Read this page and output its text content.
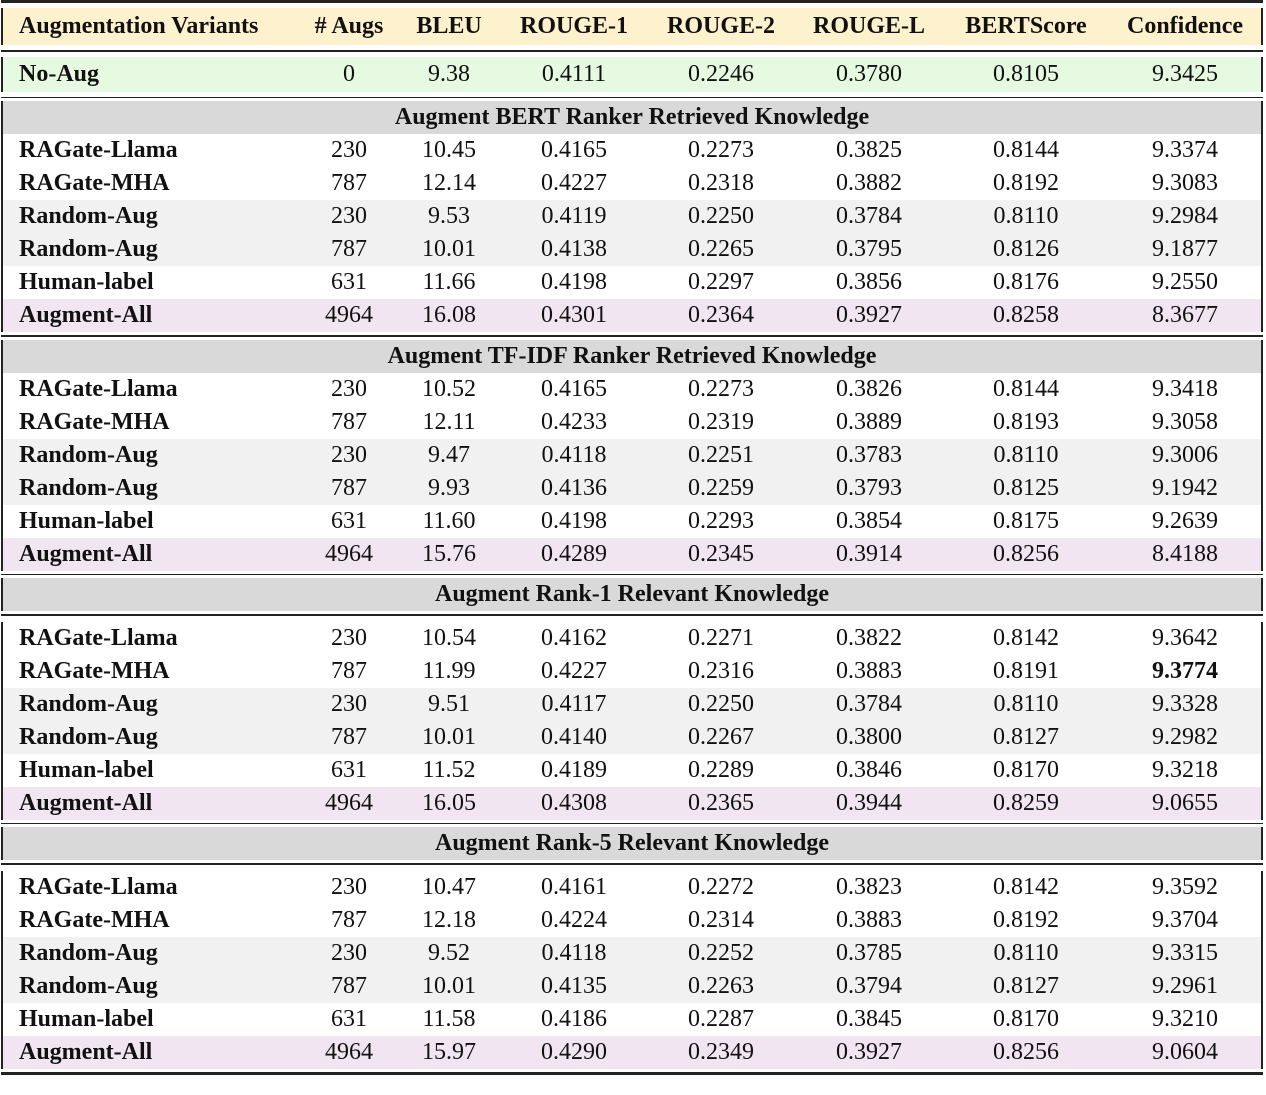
Augmentation Variants # Augs BLEU ROUGE-1 ROUGE-2 ROUGE-L BERTScore Confidence
No-Aug	0	9.38	0.4111	0.2246	0.3780	0.8105	9.3425
Augment BERT Ranker Retrieved Knowledge
RAGate-Llama	230 10.45	0.4165	0.2273	0.3825	0.8144	9.3374
RAGate-MHA	787 12.14	0.4227	0.2318	0.3882	0.8192	9.3083
Random-Aug	230	9.53	0.4119	0.2250	0.3784	0.8110	9.2984
Random-Aug	787 10.01	0.4138	0.2265	0.3795	0.8126	9.1877
Human-label	631 11.66	0.4198	0.2297	0.3856	0.8176	9.2550
Augment-All	4964 16.08	0.4301	0.2364	0.3927	0.8258	8.3677
Augment TF-IDF Ranker Retrieved Knowledge
RAGate-Llama	230 10.52	0.4165	0.2273	0.3826	0.8144	9.3418
RAGate-MHA	787 12.11	0.4233	0.2319	0.3889	0.8193	9.3058
Random-Aug	230	9.47	0.4118	0.2251	0.3783	0.8110	9.3006
Random-Aug	787	9.93	0.4136	0.2259	0.3793	0.8125	9.1942
Human-label	631 11.60	0.4198	0.2293	0.3854	0.8175	9.2639
Augment-All	4964 15.76	0.4289	0.2345	0.3914	0.8256	8.4188
Augment Rank-1 Relevant Knowledge
RAGate-Llama	230 10.54	0.4162	0.2271	0.3822	0.8142	9.3642
RAGate-MHA	787 11.99	0.4227	0.2316	0.3883	0.8191	9.3774
Random-Aug	230	9.51	0.4117	0.2250	0.3784	0.8110	9.3328
Random-Aug	787 10.01	0.4140	0.2267	0.3800	0.8127	9.2982
Human-label	631 11.52	0.4189	0.2289	0.3846	0.8170	9.3218
Augment-All	4964 16.05	0.4308	0.2365	0.3944	0.8259	9.0655
Augment Rank-5 Relevant Knowledge
RAGate-Llama	230 10.47	0.4161	0.2272	0.3823	0.8142	9.3592
RAGate-MHA	787 12.18	0.4224	0.2314	0.3883	0.8192	9.3704
Random-Aug	230	9.52	0.4118	0.2252	0.3785	0.8110	9.3315
Random-Aug	787 10.01	0.4135	0.2263	0.3794	0.8127	9.2961
Human-label	631 11.58	0.4186	0.2287	0.3845	0.8170	9.3210
Augment-All	4964 15.97	0.4290	0.2349	0.3927	0.8256	9.0604
